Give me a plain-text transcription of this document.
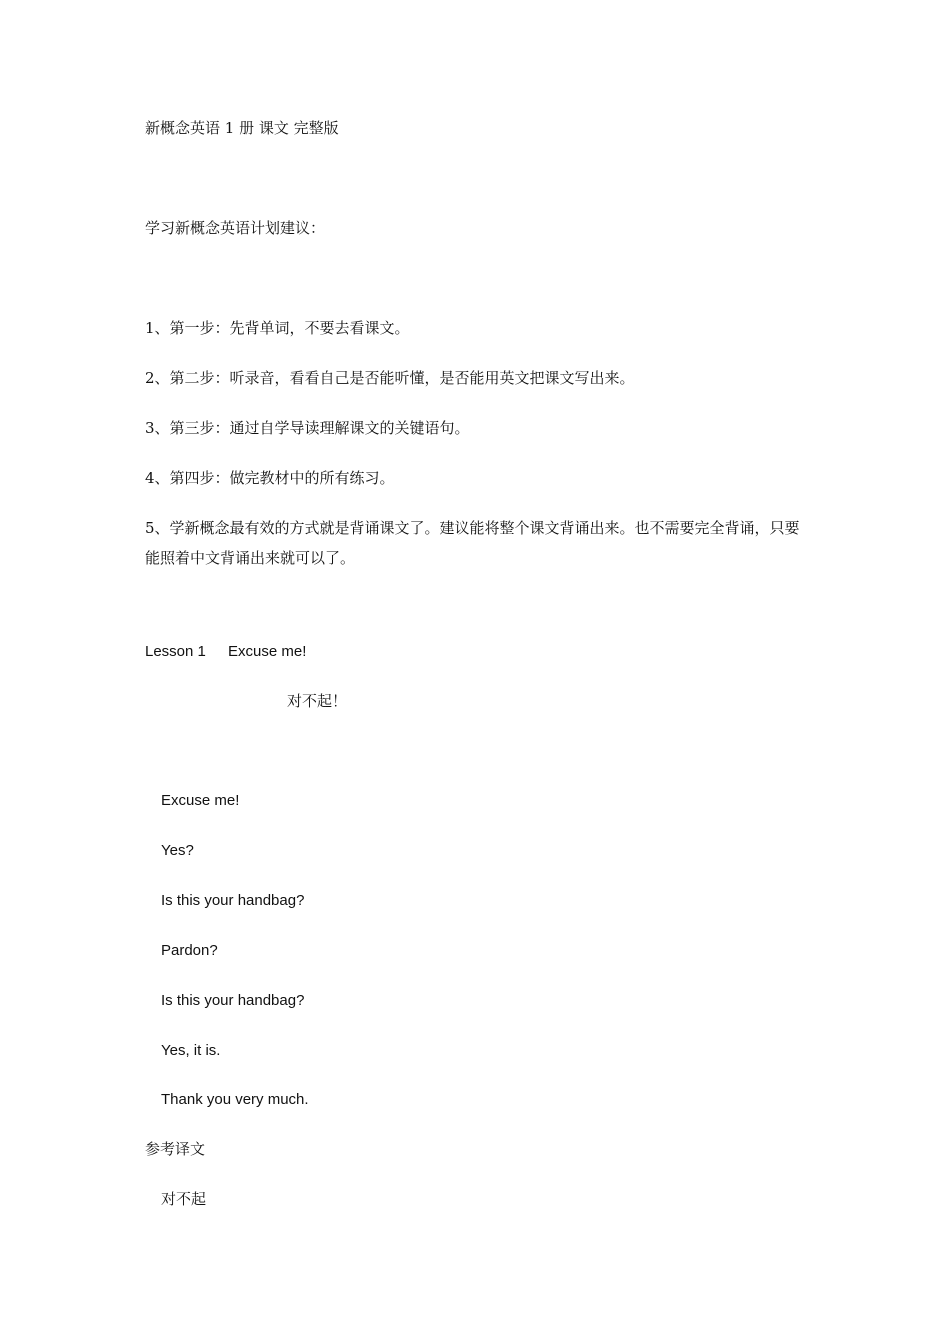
新概念英语 1 册 课文 完整版

学习新概念英语计划建议：

1、第一步：先背单词，不要去看课文。

2、第二步：听录音，看看自己是否能听懂，是否能用英文把课文写出来。

3、第三步：通过自学导读理解课文的关键语句。

4、第四步：做完教材中的所有练习。

5、学新概念最有效的方式就是背诵课文了。建议能将整个课文背诵出来。也不需要完全背诵，只要能照着中文背诵出来就可以了。

Lesson 1 Excuse me!

对不起！

Excuse me!

Yes?

Is this your handbag?

Pardon?

Is this your handbag?

Yes, it is.

Thank you very much.

参考译文

对不起
